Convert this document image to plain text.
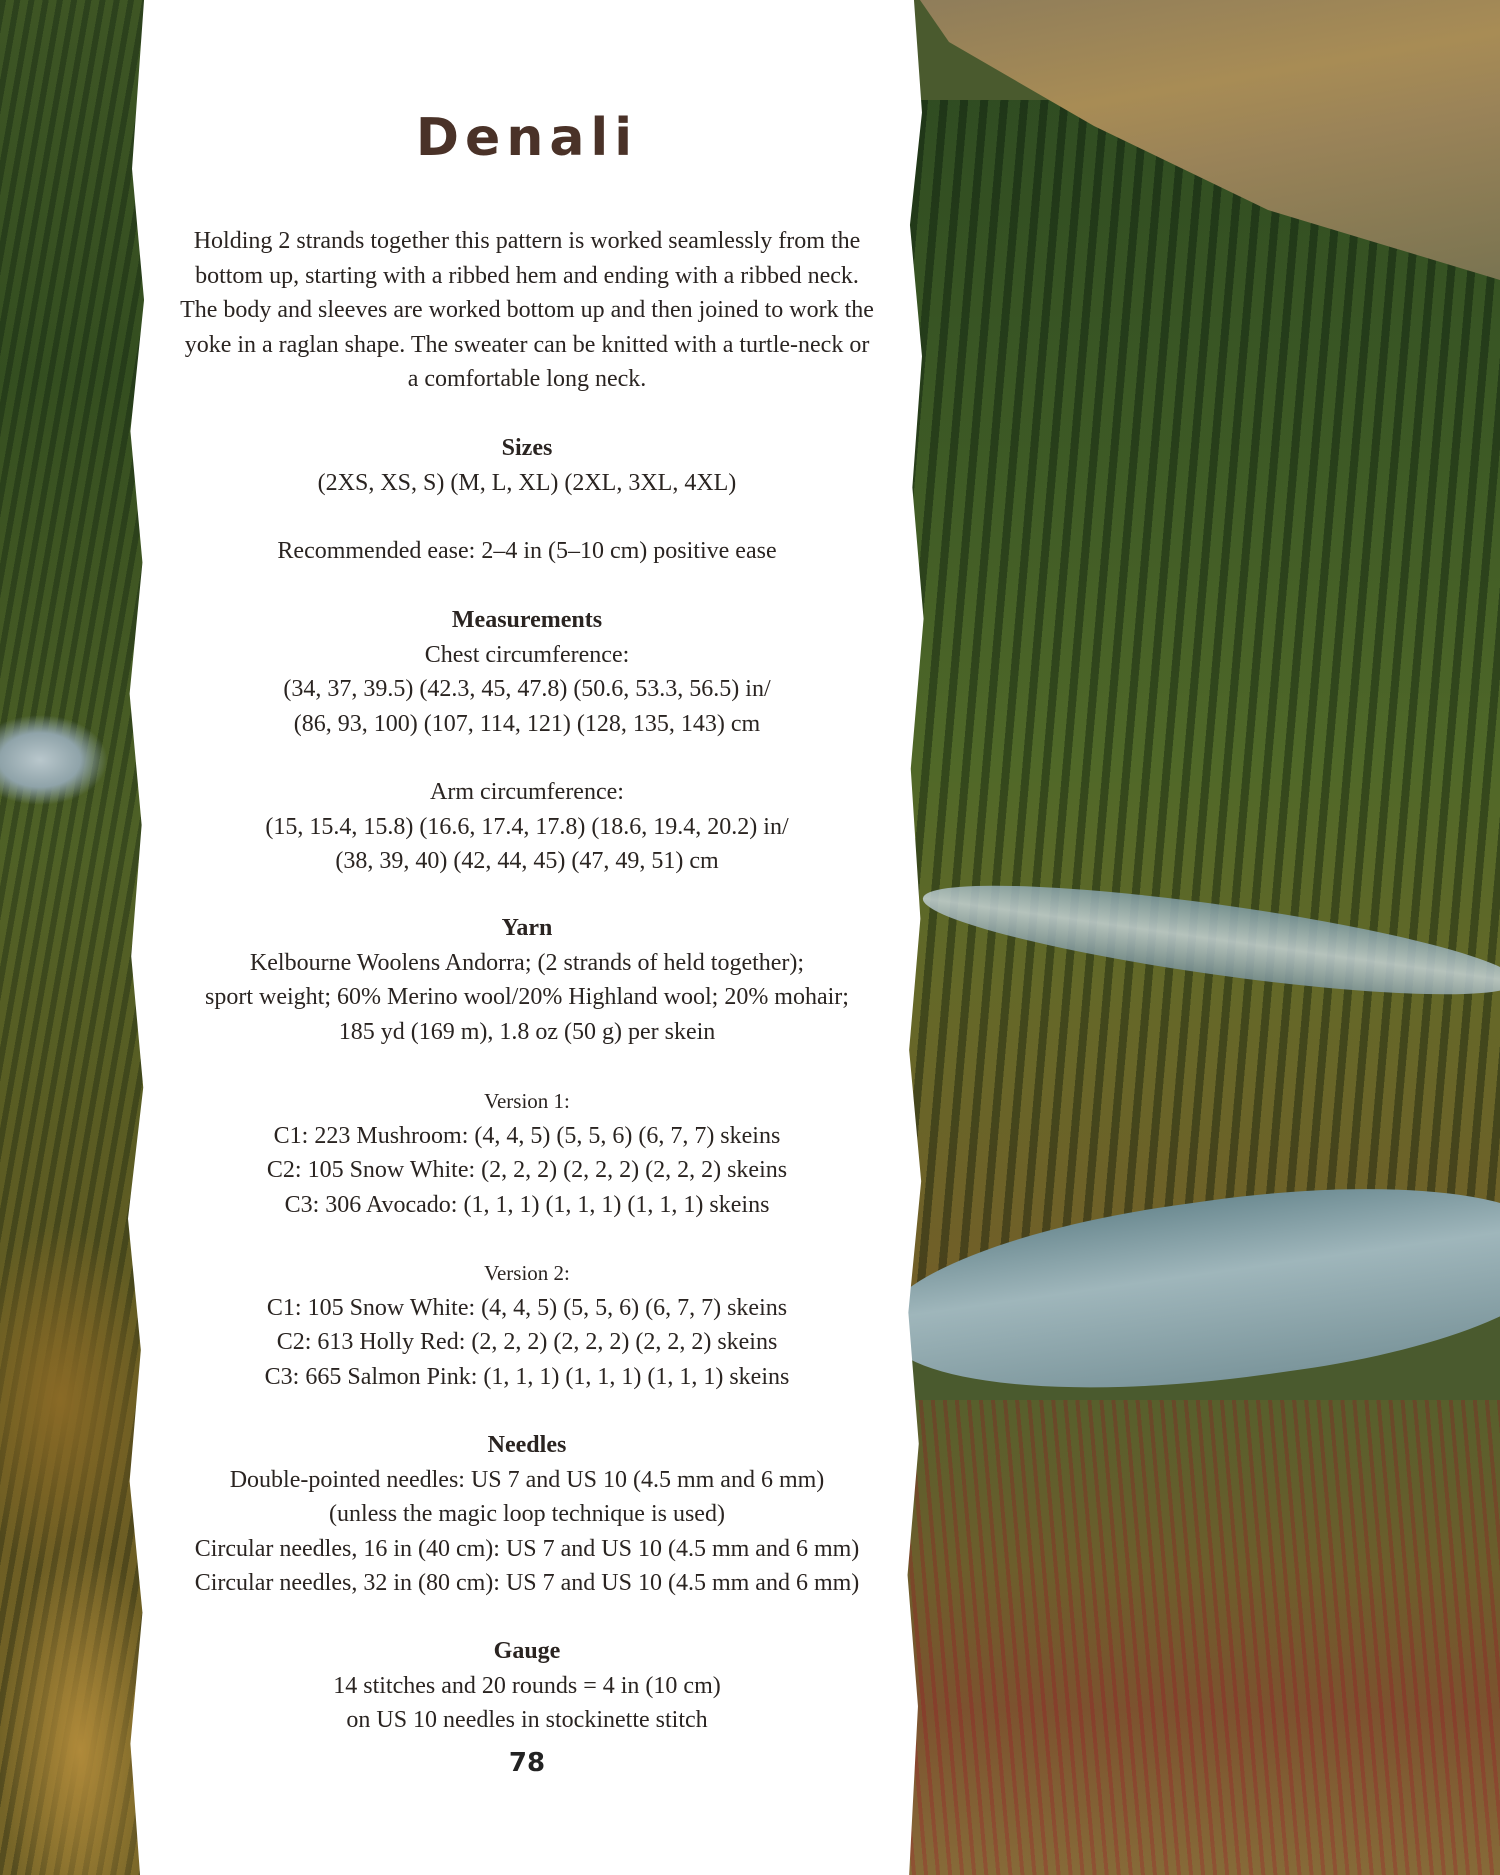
Denali

Holding 2 strands together this pattern is worked seamlessly from the bottom up, starting with a ribbed hem and ending with a ribbed neck. The body and sleeves are worked bottom up and then joined to work the yoke in a raglan shape. The sweater can be knitted with a turtle-neck or a comfortable long neck.

Sizes
(2XS, XS, S) (M, L, XL) (2XL, 3XL, 4XL)
Recommended ease: 2–4 in (5–10 cm) positive ease
Measurements
Chest circumference:
(34, 37, 39.5) (42.3, 45, 47.8) (50.6, 53.3, 56.5) in/
(86, 93, 100) (107, 114, 121) (128, 135, 143) cm
Arm circumference:
(15, 15.4, 15.8) (16.6, 17.4, 17.8) (18.6, 19.4, 20.2) in/
(38, 39, 40) (42, 44, 45) (47, 49, 51) cm
Yarn
Kelbourne Woolens Andorra; (2 strands of held together);
sport weight; 60% Merino wool/20% Highland wool; 20% mohair;
185 yd (169 m), 1.8 oz (50 g) per skein
Version 1:
C1: 223 Mushroom: (4, 4, 5) (5, 5, 6) (6, 7, 7) skeins
C2: 105 Snow White: (2, 2, 2) (2, 2, 2) (2, 2, 2) skeins
C3: 306 Avocado: (1, 1, 1) (1, 1, 1) (1, 1, 1) skeins
Version 2:
C1: 105 Snow White: (4, 4, 5) (5, 5, 6) (6, 7, 7) skeins
C2: 613 Holly Red: (2, 2, 2) (2, 2, 2) (2, 2, 2) skeins
C3: 665 Salmon Pink: (1, 1, 1) (1, 1, 1) (1, 1, 1) skeins
Needles
Double-pointed needles: US 7 and US 10 (4.5 mm and 6 mm)
(unless the magic loop technique is used)
Circular needles, 16 in (40 cm): US 7 and US 10 (4.5 mm and 6 mm)
Circular needles, 32 in (80 cm): US 7 and US 10 (4.5 mm and 6 mm)
Gauge
14 stitches and 20 rounds = 4 in (10 cm)
on US 10 needles in stockinette stitch
78
